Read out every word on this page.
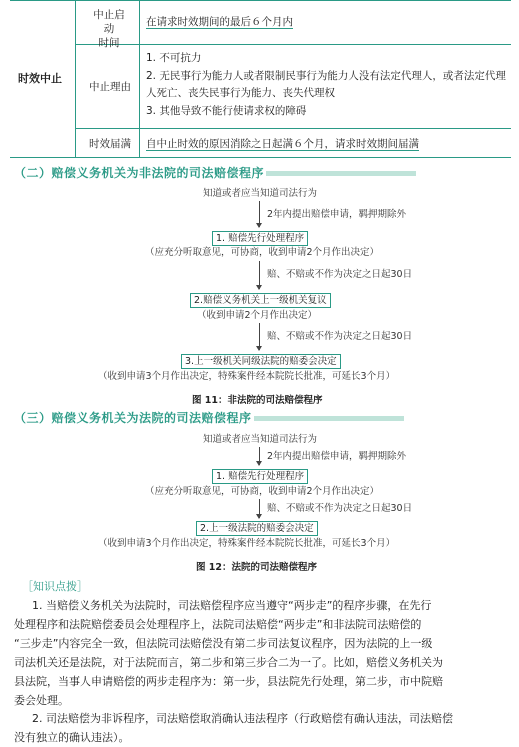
时效中止
中止启动
时间
在请求时效期间的最后６个月内
中止理由
1. 不可抗力
2. 无民事行为能力人或者限制民事行为能力人没有法定代理人，或者法定代理
人死亡、丧失民事行为能力、丧失代理权
3. 其他导致不能行使请求权的障碍
时效届满 自中止时效的原因消除之日起满６个月，请求时效期间届满
（二）赔偿义务机关为非法院的司法赔偿程序
知道或者应当知道司法行为
2年内提出赔偿申请，羁押期除外
1. 赔偿先行处理程序
（应充分听取意见，可协商，收到申请2个月作出决定）
赔、不赔或不作为决定之日起30日
2.赔偿义务机关上一级机关复议
（收到申请2个月作出决定）
赔、不赔或不作为决定之日起30日
3.上一级机关同级法院的赔委会决定
（收到申请3个月作出决定，特殊案件经本院院长批准，可延长3个月）
图 11：非法院的司法赔偿程序
（三）赔偿义务机关为法院的司法赔偿程序
知道或者应当知道司法行为
2年内提出赔偿申请，羁押期除外
1. 赔偿先行处理程序
（应充分听取意见，可协商，收到申请2个月作出决定）
赔、不赔或不作为决定之日起30日
2.上一级法院的赔委会决定
（收到申请3个月作出决定，特殊案件经本院院长批准，可延长3个月）
图 12：法院的司法赔偿程序
［知识点拨］
1. 当赔偿义务机关为法院时，司法赔偿程序应当遵守“两步走”的程序步骤，在先行
处理程序和法院赔偿委员会处理程序上，法院司法赔偿“两步走”和非法院司法赔偿的
“三步走”内容完全一致，但法院司法赔偿没有第二步司法复议程序，因为法院的上一级
司法机关还是法院，对于法院而言，第二步和第三步合二为一了。比如，赔偿义务机关为
县法院，当事人申请赔偿的两步走程序为：第一步，县法院先行处理，第二步，市中院赔
委会处理。
2. 司法赔偿为非诉程序，司法赔偿取消确认违法程序（行政赔偿有确认违法，司法赔偿
没有独立的确认违法）。
